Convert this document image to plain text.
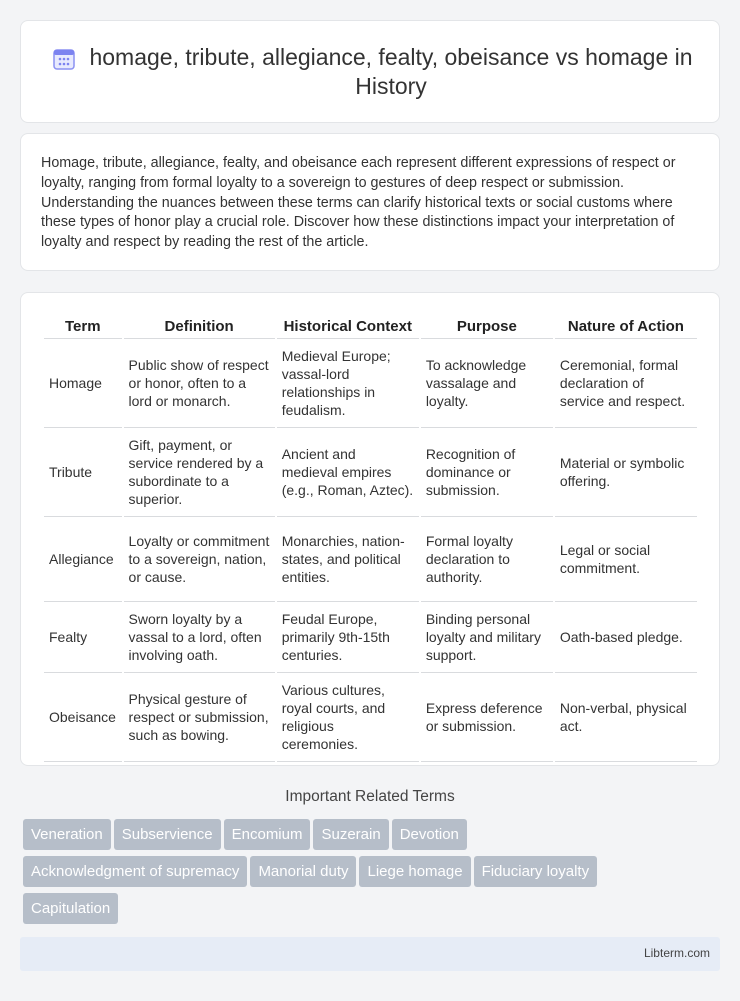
homage, tribute, allegiance, fealty, obeisance vs homage in History

Homage, tribute, allegiance, fealty, and obeisance each represent different expressions of respect or loyalty, ranging from formal loyalty to a sovereign to gestures of deep respect or submission. Understanding the nuances between these terms can clarify historical texts or social customs where these types of honor play a crucial role. Discover how these distinctions impact your interpretation of loyalty and respect by reading the rest of the article.

Term	Definition	Historical Context	Purpose	Nature of Action
Homage	Public show of respect or honor, often to a lord or monarch.	Medieval Europe; vassal-lord relationships in feudalism.	To acknowledge vassalage and loyalty.	Ceremonial, formal declaration of service and respect.
Tribute	Gift, payment, or service rendered by a subordinate to a superior.	Ancient and medieval empires (e.g., Roman, Aztec).	Recognition of dominance or submission.	Material or symbolic offering.
Allegiance	Loyalty or commitment to a sovereign, nation, or cause.	Monarchies, nation-states, and political entities.	Formal loyalty declaration to authority.	Legal or social commitment.
Fealty	Sworn loyalty by a vassal to a lord, often involving oath.	Feudal Europe, primarily 9th-15th centuries.	Binding personal loyalty and military support.	Oath-based pledge.
Obeisance	Physical gesture of respect or submission, such as bowing.	Various cultures, royal courts, and religious ceremonies.	Express deference or submission.	Non-verbal, physical act.
Important Related Terms
Veneration Subservience Encomium Suzerain Devotion
Acknowledgment of supremacy Manorial duty Liege homage Fiduciary loyalty
Capitulation
Libterm.com
